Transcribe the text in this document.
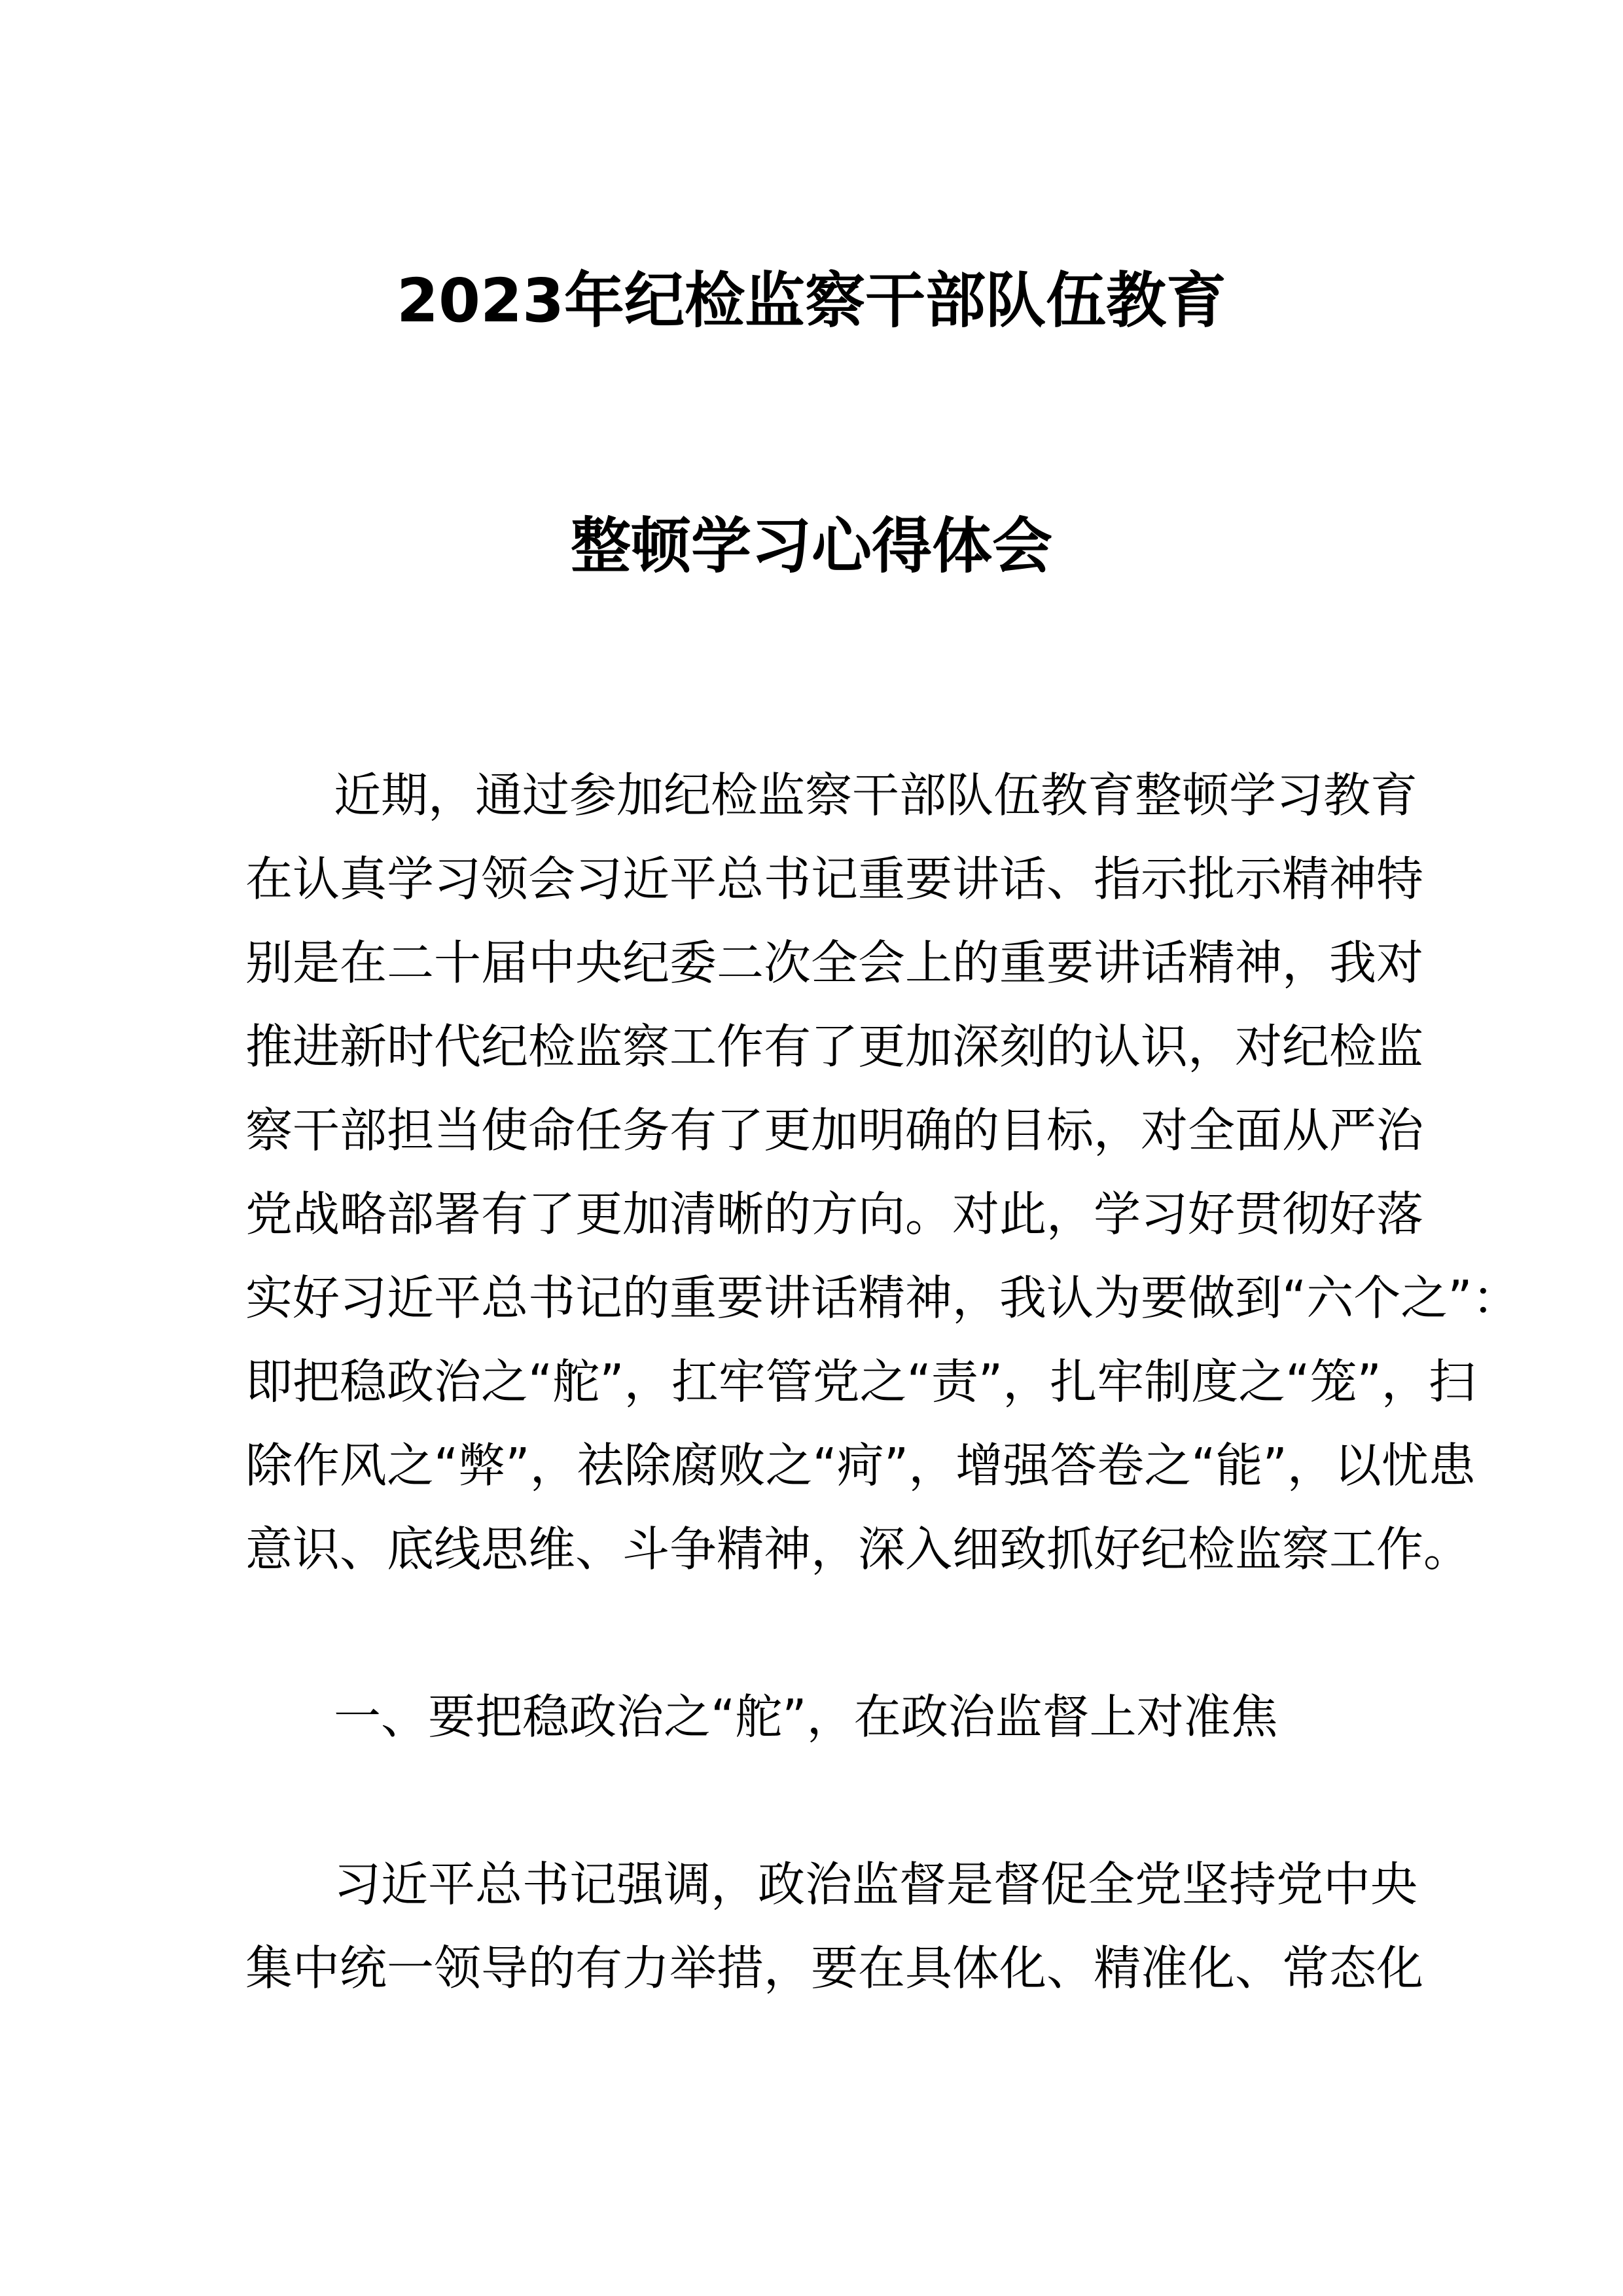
2023年纪检监察干部队伍教育
整顿学习心得体会
近期，通过参加纪检监察干部队伍教育整顿学习教育
在认真学习领会习近平总书记重要讲话、指示批示精神特
别是在二十届中央纪委二次全会上的重要讲话精神，我对
推进新时代纪检监察工作有了更加深刻的认识，对纪检监
察干部担当使命任务有了更加明确的目标，对全面从严治
党战略部署有了更加清晰的方向。对此，学习好贯彻好落
实好习近平总书记的重要讲话精神，我认为要做到“六个之”：
即把稳政治之“舵”，扛牢管党之“责”，扎牢制度之“笼”，扫
除作风之“弊”，祛除腐败之“疴”，增强答卷之“能”，以忧患
意识、底线思维、斗争精神，深入细致抓好纪检监察工作。
一、要把稳政治之“舵”，在政治监督上对准焦
习近平总书记强调，政治监督是督促全党坚持党中央
集中统一领导的有力举措，要在具体化、精准化、常态化
